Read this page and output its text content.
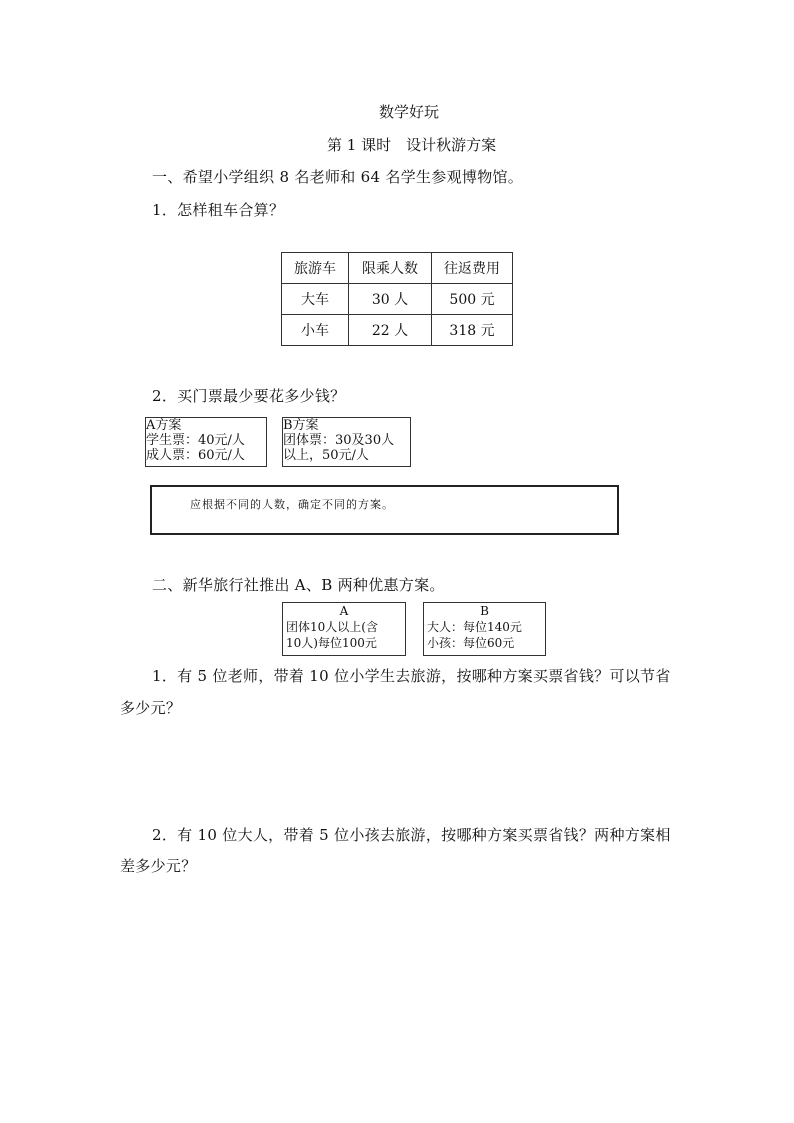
数学好玩
第 1 课时　设计秋游方案
一、希望小学组织 8 名老师和 64 名学生参观博物馆。
1．怎样租车合算？
旅游车	限乘人数	往返费用
大车	30 人	500 元
小车	22 人	318 元
2．买门票最少要花多少钱？
A方案
学生票：40元/人
成人票：60元/人
B方案
团体票：30及30人
以上，50元/人
应根据不同的人数，确定不同的方案。
二、新华旅行社推出 A、B 两种优惠方案。
A
团体10人以上(含
10人)每位100元
B
大人：每位140元
小孩：每位60元
1．有 5 位老师，带着 10 位小学生去旅游，按哪种方案买票省钱？可以节省
多少元？
2．有 10 位大人，带着 5 位小孩去旅游，按哪种方案买票省钱？两种方案相
差多少元？
